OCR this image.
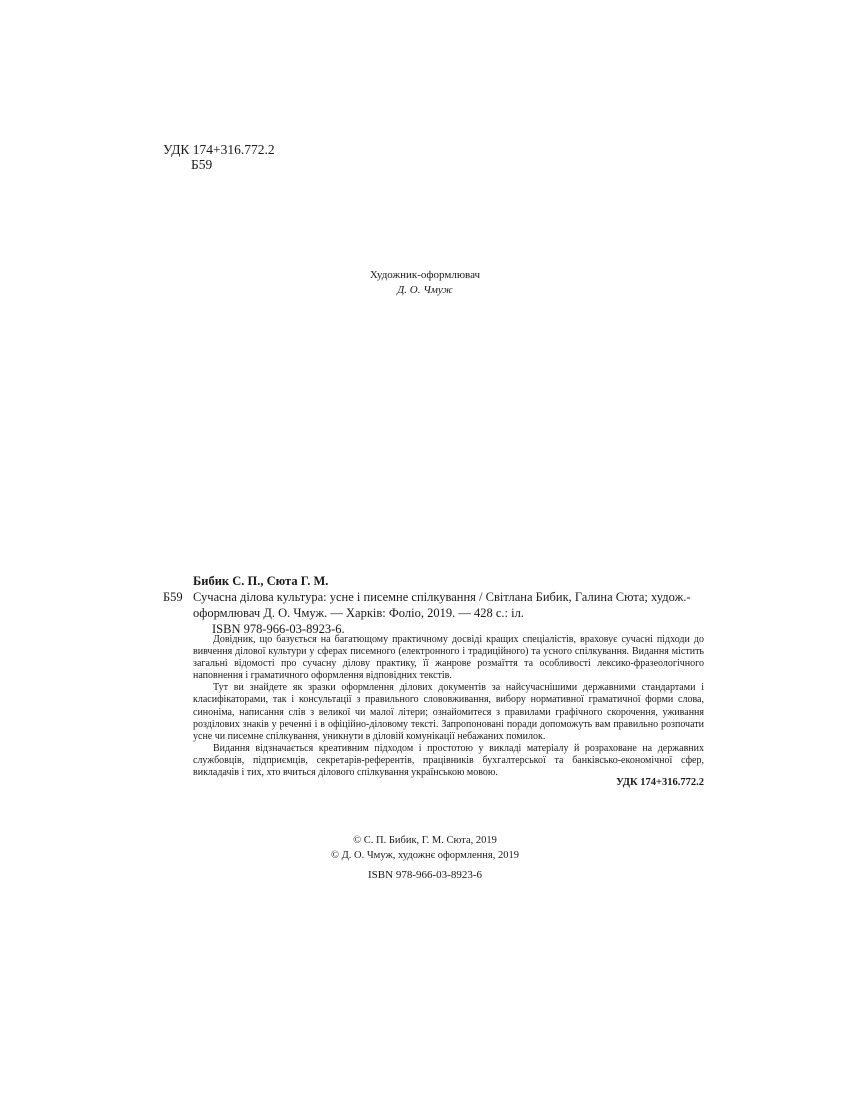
УДК 174+316.772.2
Б59
Художник-оформлювач
Д. О. Чмуж
Бибик С. П., Сюта Г. М.
Б59 Сучасна ділова культура: усне і писемне спілкування / Світлана Бибик, Галина Сюта; худож.-оформлювач Д. О. Чмуж. — Харків: Фоліо, 2019. — 428 с.: іл.
ISBN 978-966-03-8923-6.

Довідник, що базується на багатющому практичному досвіді кращих спеціалістів, враховує сучасні підходи до вивчення ділової культури у сферах писемного (електронного і традиційного) та усного спілкування. Видання містить загальні відомості про сучасну ділову практику, її жанрове розмаїття та особливості лексико-фразеологічного наповнення і граматичного оформлення відповідних текстів.

Тут ви знайдете як зразки оформлення ділових документів за найсучаснішими державними стандартами і класифікаторами, так і консультації з правильного слововживання, вибору нормативної граматичної форми слова, синоніма, написання слів з великої чи малої літери; ознайомитеся з правилами графічного скорочення, уживання розділових знаків у реченні і в офіційно-діловому тексті. Запропоновані поради допоможуть вам правильно розпочати усне чи писемне спілкування, уникнути в діловій комунікації небажаних помилок.

Видання відзначається креативним підходом і простотою у викладі матеріалу й розраховане на державних службовців, підприємців, секретарів-референтів, працівників бухгалтерської та банківсько-економічної сфер, викладачів і тих, хто вчиться ділового спілкування українською мовою.

УДК 174+316.772.2
© С. П. Бибик, Г. М. Сюта, 2019
© Д. О. Чмуж, художнє оформлення, 2019
ISBN 978-966-03-8923-6
